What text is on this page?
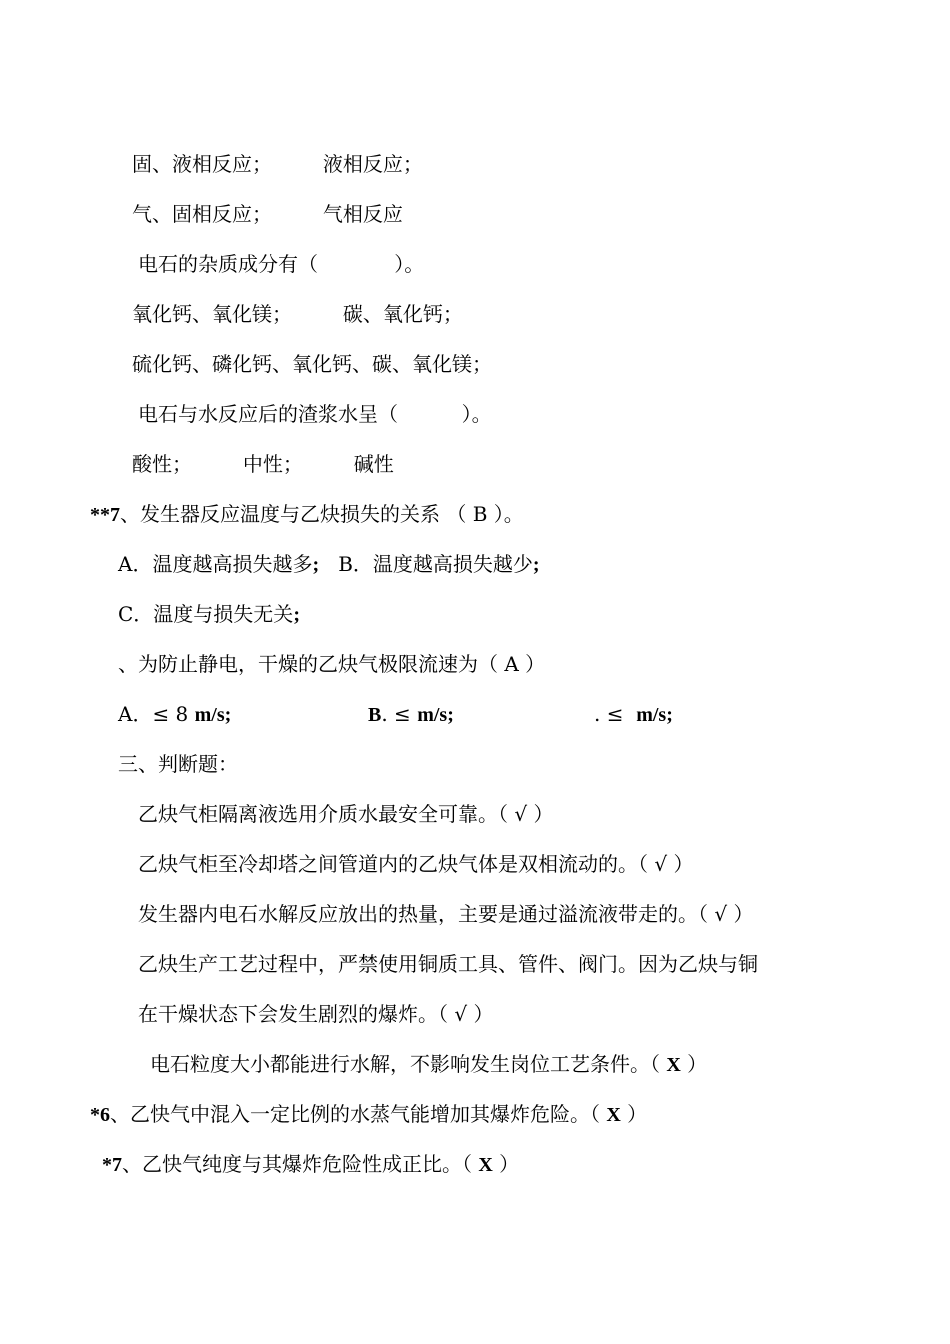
固、液相反应；        液相反应；
气、固相反应；        气相反应
电石的杂质成分有（            ）。
氧化钙、氧化镁；        碳、氧化钙；
硫化钙、磷化钙、氧化钙、碳、氧化镁；
电石与水反应后的渣浆水呈（          ）。
酸性；        中性；        碱性
**7、发生器反应温度与乙炔损失的关系 （ B ）。
A．温度越高损失越多;   B．温度越高损失越少;
C．温度与损失无关;
、为防止静电，干燥的乙炔气极限流速为（ A ）
A．≤ 8 m/s;	B. ≤ m/s;	. ≤  m/s;
三、判断题：
乙炔气柜隔离液选用介质水最安全可靠。（ √ ）
乙炔气柜至冷却塔之间管道内的乙炔气体是双相流动的。（ √ ）
发生器内电石水解反应放出的热量，主要是通过溢流液带走的。（ √ ）
乙炔生产工艺过程中，严禁使用铜质工具、管件、阀门。因为乙炔与铜
在干燥状态下会发生剧烈的爆炸。（ √ ）
电石粒度大小都能进行水解，不影响发生岗位工艺条件。（ X ）
*6、乙快气中混入一定比例的水蒸气能增加其爆炸危险。（ X ）
*7、乙快气纯度与其爆炸危险性成正比。（ X ）
